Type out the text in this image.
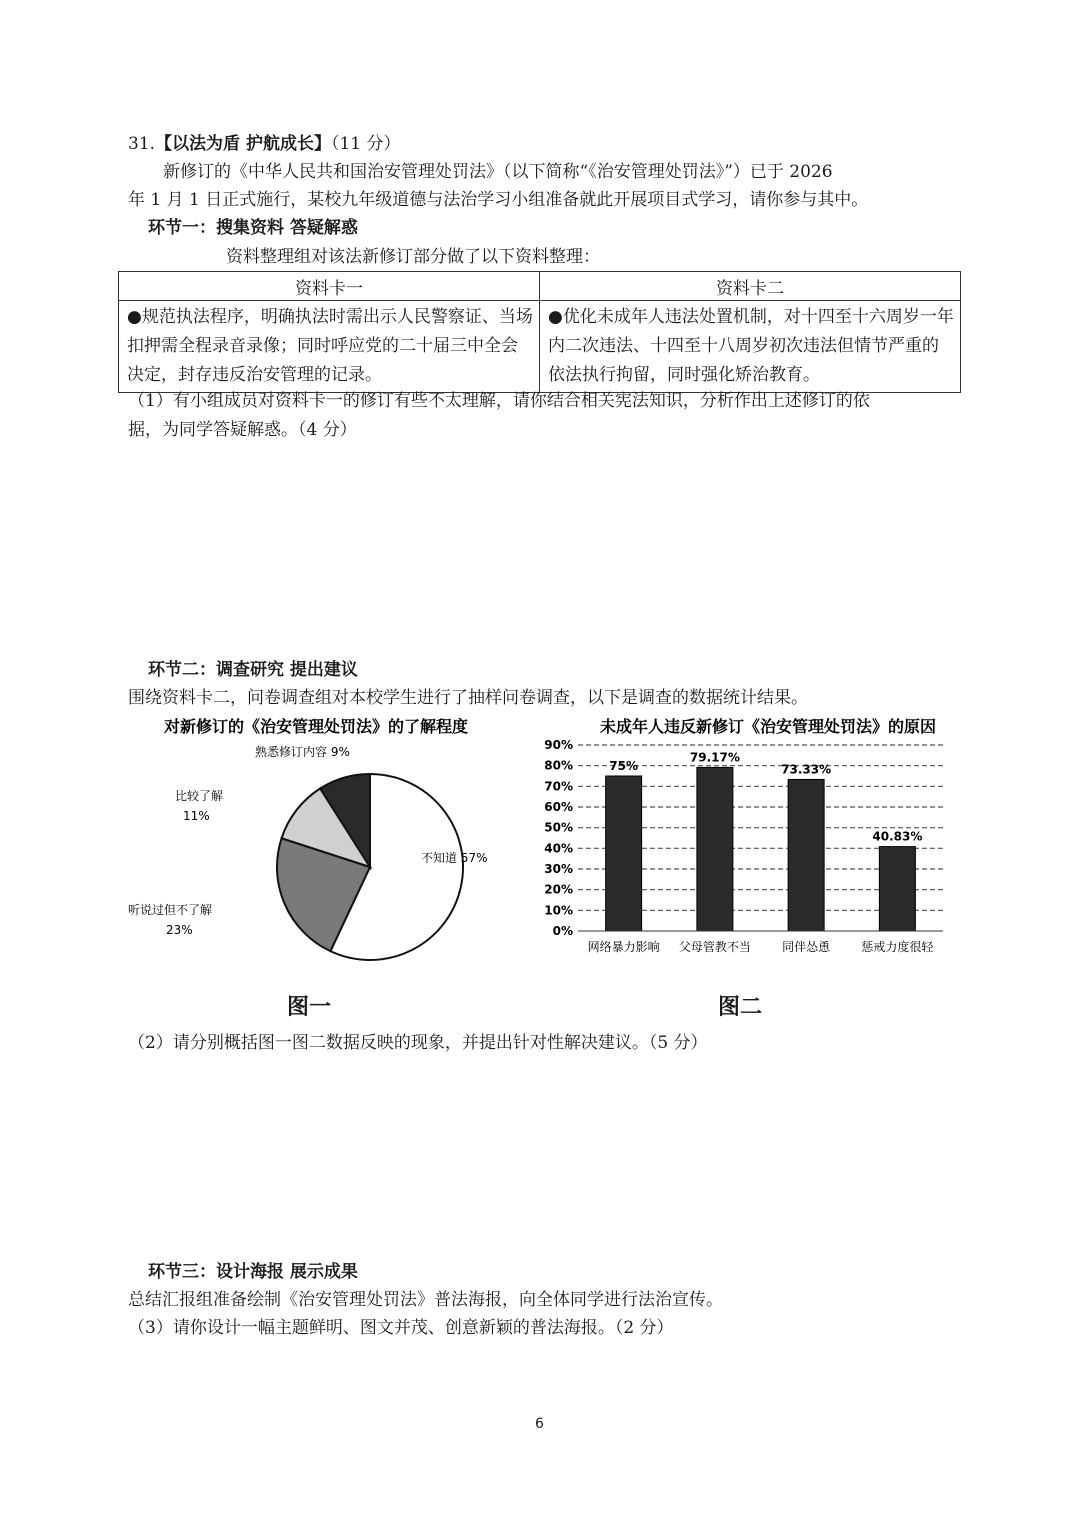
31.【以法为盾 护航成长】（11 分）
新修订的《中华人民共和国治安管理处罚法》（以下简称“《治安管理处罚法》”）已于 2026
年 1 月 1 日正式施行，某校九年级道德与法治学习小组准备就此开展项目式学习，请你参与其中。
环节一：搜集资料 答疑解惑
资料整理组对该法新修订部分做了以下资料整理：
资料卡一	资料卡二
●规范执法程序，明确执法时需出示人民警察证、当场扣押需全程录音录像；同时呼应党的二十届三中全会决定，封存违反治安管理的记录。	●优化未成年人违法处置机制，对十四至十六周岁一年内二次违法、十四至十八周岁初次违法但情节严重的依法执行拘留，同时强化矫治教育。
（1）有小组成员对资料卡一的修订有些不太理解，请你结合相关宪法知识，分析作出上述修订的依
据，为同学答疑解惑。（4 分）
环节二：调查研究 提出建议
围绕资料卡二，问卷调查组对本校学生进行了抽样问卷调查，以下是调查的数据统计结果。
对新修订的《治安管理处罚法》的了解程度
不知道 57%
听说过但不了解
23%
比较了解
11%
熟悉修订内容 9%
未成年人违反新修订《治安管理处罚法》的原因
0%
10%
20%
30%
40%
50%
60%
70%
80%
90%
75%
网络暴力影响
79.17%
父母管教不当
73.33%
同伴怂恿
40.83%
惩戒力度很轻
图一	图二
（2）请分别概括图一图二数据反映的现象，并提出针对性解决建议。（5 分）
环节三：设计海报 展示成果
总结汇报组准备绘制《治安管理处罚法》普法海报，向全体同学进行法治宣传。
（3）请你设计一幅主题鲜明、图文并茂、创意新颖的普法海报。（2 分）
6
